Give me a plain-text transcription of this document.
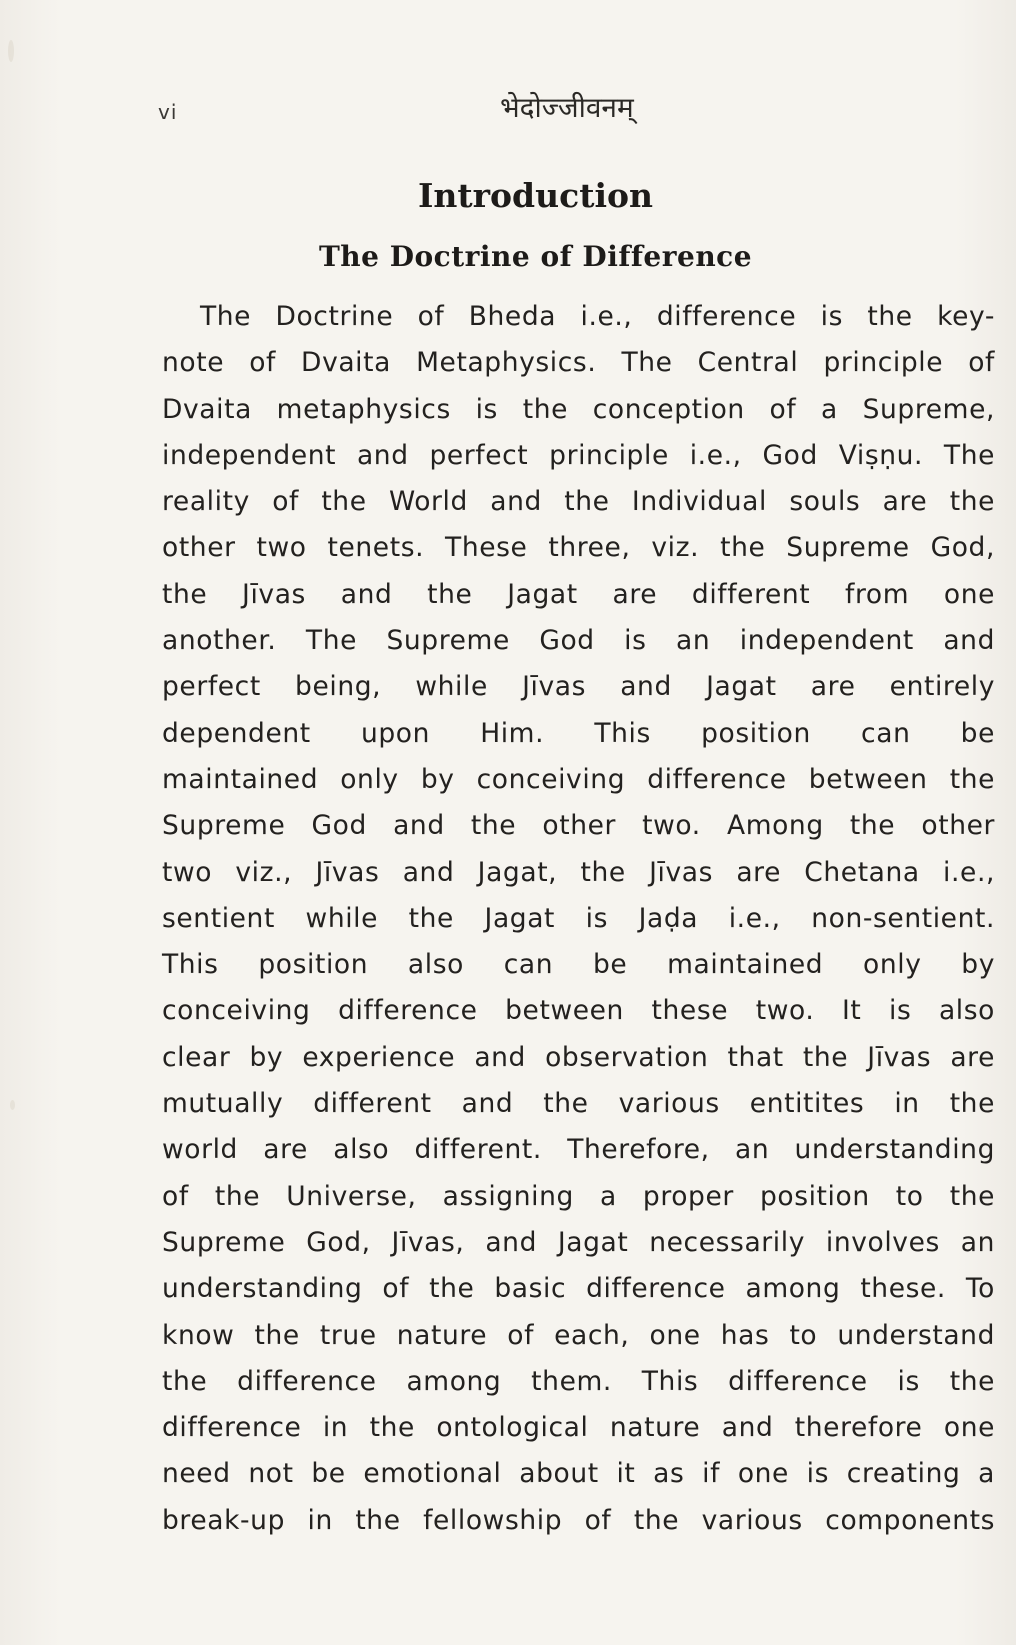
vi	भेदोज्जीवनम्
Introduction
The Doctrine of Difference
The Doctrine of Bheda i.e., difference is the key-
note of Dvaita Metaphysics. The Central principle of
Dvaita metaphysics is the conception of a Supreme,
independent and perfect principle i.e., God Viṣṇu. The
reality of the World and the Individual souls are the
other two tenets. These three, viz. the Supreme God,
the Jīvas and the Jagat are different from one
another. The Supreme God is an independent and
perfect being, while Jīvas and Jagat are entirely
dependent upon Him. This position can be
maintained only by conceiving difference between the
Supreme God and the other two. Among the other
two viz., Jīvas and Jagat, the Jīvas are Chetana i.e.,
sentient while the Jagat is Jaḍa i.e., non-sentient.
This position also can be maintained only by
conceiving difference between these two. It is also
clear by experience and observation that the Jīvas are
mutually different and the various entitites in the
world are also different. Therefore, an understanding
of the Universe, assigning a proper position to the
Supreme God, Jīvas, and Jagat necessarily involves an
understanding of the basic difference among these. To
know the true nature of each, one has to understand
the difference among them. This difference is the
difference in the ontological nature and therefore one
need not be emotional about it as if one is creating a
break-up in the fellowship of the various components
